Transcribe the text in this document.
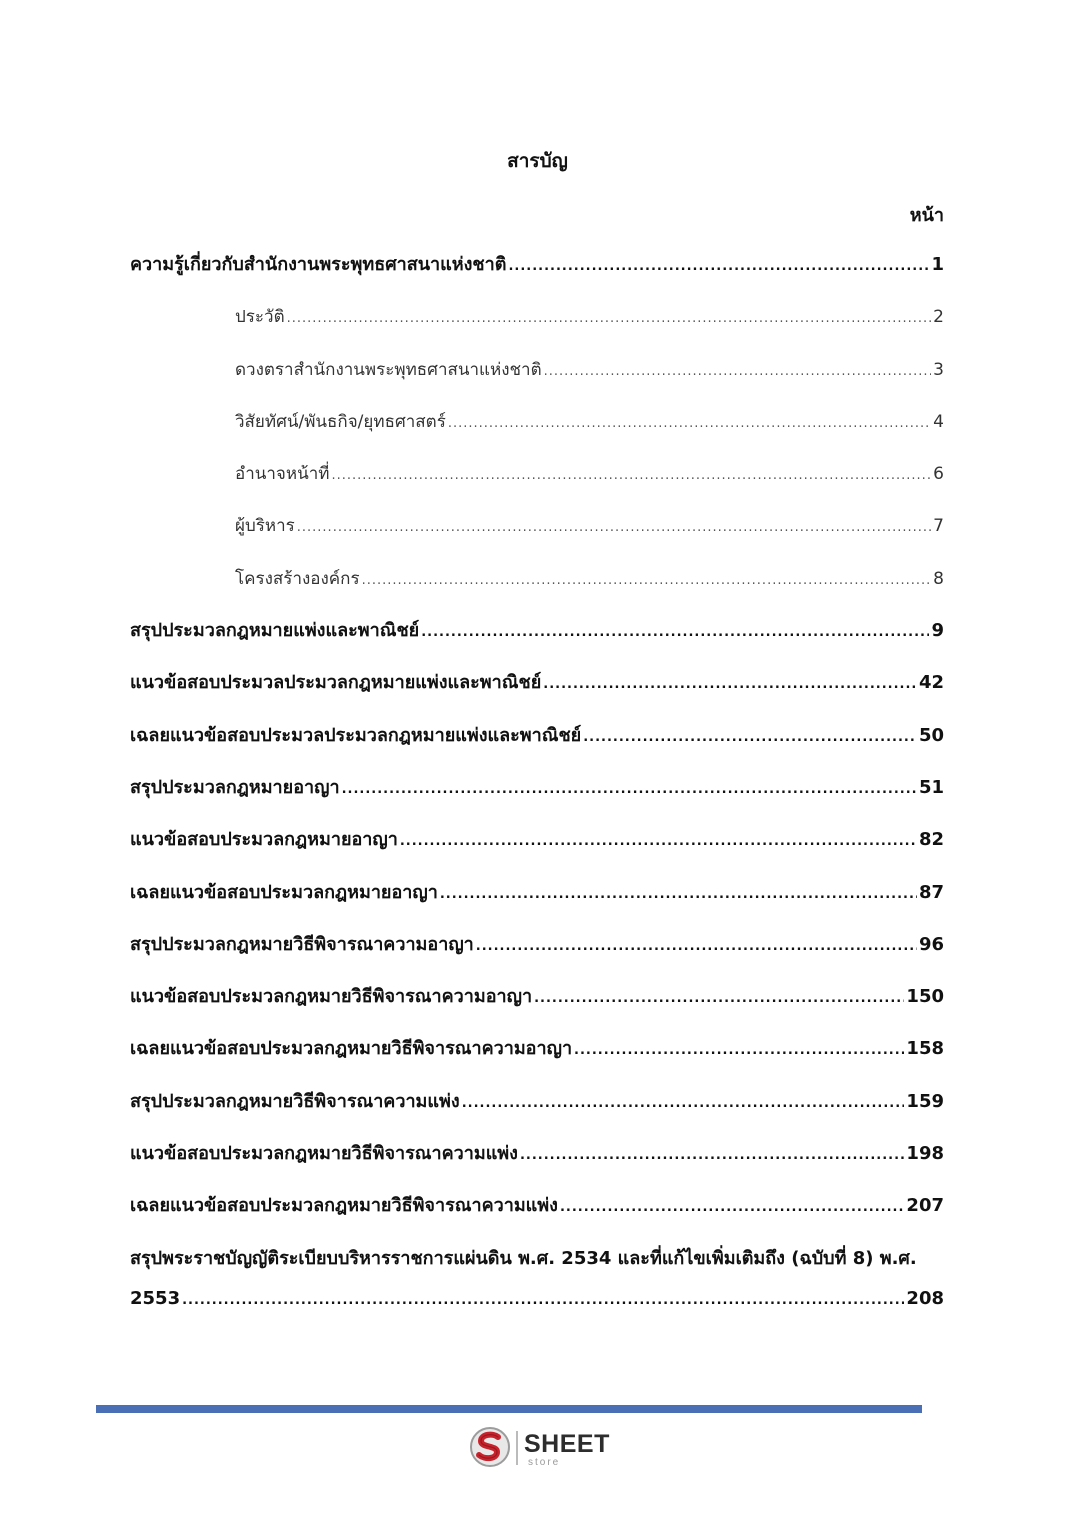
สารบัญ
หน้า
ความรู้เกี่ยวกับสำนักงานพระพุทธศาสนาแห่งชาติ .....	1
ประวัติ .....	2
ดวงตราสำนักงานพระพุทธศาสนาแห่งชาติ .....	3
วิสัยทัศน์/พันธกิจ/ยุทธศาสตร์ .....	4
อำนาจหน้าที่ .....	6
ผู้บริหาร .....	7
โครงสร้างองค์กร .....	8
สรุปประมวลกฎหมายแพ่งและพาณิชย์ .....	9
แนวข้อสอบประมวลประมวลกฎหมายแพ่งและพาณิชย์ .....	42
เฉลยแนวข้อสอบประมวลประมวลกฎหมายแพ่งและพาณิชย์ .....	50
สรุปประมวลกฎหมายอาญา .....	51
แนวข้อสอบประมวลกฎหมายอาญา .....	82
เฉลยแนวข้อสอบประมวลกฎหมายอาญา .....	87
สรุปประมวลกฎหมายวิธีพิจารณาความอาญา .....	96
แนวข้อสอบประมวลกฎหมายวิธีพิจารณาความอาญา .....	150
เฉลยแนวข้อสอบประมวลกฎหมายวิธีพิจารณาความอาญา .....	158
สรุปประมวลกฎหมายวิธีพิจารณาความแพ่ง .....	159
แนวข้อสอบประมวลกฎหมายวิธีพิจารณาความแพ่ง .....	198
เฉลยแนวข้อสอบประมวลกฎหมายวิธีพิจารณาความแพ่ง .....	207
สรุปพระราชบัญญัติระเบียบบริหารราชการแผ่นดิน พ.ศ. 2534 และที่แก้ไขเพิ่มเติมถึง (ฉบับที่ 8) พ.ศ.
2553 .....	208
SHEET
store
